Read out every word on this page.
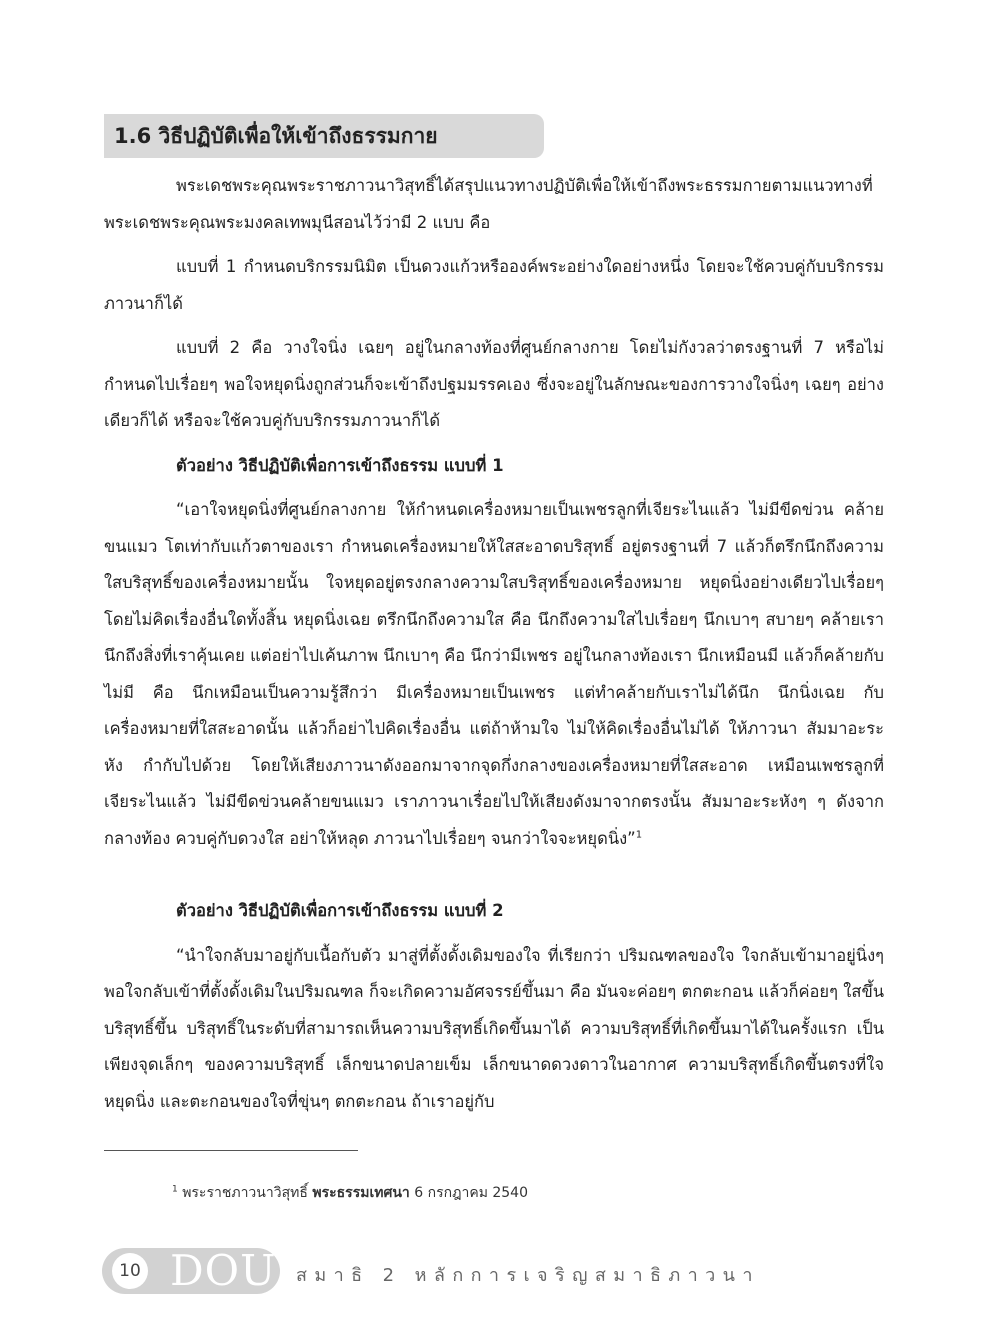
1.6 วิธีปฏิบัติเพื่อให้เข้าถึงธรรมกาย

พระเดชพระคุณพระราชภาวนาวิสุทธิ์ได้สรุปแนวทางปฏิบัติเพื่อให้เข้าถึงพระธรรมกายตามแนวทางที่พระเดชพระคุณพระมงคลเทพมุนีสอนไว้ว่ามี 2 แบบ คือ

แบบที่ 1 กำหนดบริกรรมนิมิต เป็นดวงแก้วหรือองค์พระอย่างใดอย่างหนึ่ง โดยจะใช้ควบคู่กับบริกรรมภาวนาก็ได้

แบบที่ 2 คือ วางใจนิ่ง เฉยๆ อยู่ในกลางท้องที่ศูนย์กลางกาย โดยไม่กังวลว่าตรงฐานที่ 7 หรือไม่ กำหนดไปเรื่อยๆ พอใจหยุดนิ่งถูกส่วนก็จะเข้าถึงปฐมมรรคเอง ซึ่งจะอยู่ในลักษณะของการวางใจนิ่งๆ เฉยๆ อย่างเดียวก็ได้ หรือจะใช้ควบคู่กับบริกรรมภาวนาก็ได้

ตัวอย่าง วิธีปฏิบัติเพื่อการเข้าถึงธรรม แบบที่ 1

“เอาใจหยุดนิ่งที่ศูนย์กลางกาย ให้กำหนดเครื่องหมายเป็นเพชรลูกที่เจียระไนแล้ว ไม่มีขีดข่วน คล้ายขนแมว โตเท่ากับแก้วตาของเรา กำหนดเครื่องหมายให้ใสสะอาดบริสุทธิ์ อยู่ตรงฐานที่ 7 แล้วก็ตรึกนึกถึงความใสบริสุทธิ์ของเครื่องหมายนั้น ใจหยุดอยู่ตรงกลางความใสบริสุทธิ์ของเครื่องหมาย หยุดนิ่งอย่างเดียวไปเรื่อยๆ โดยไม่คิดเรื่องอื่นใดทั้งสิ้น หยุดนิ่งเฉย ตรึกนึกถึงความใส คือ นึกถึงความใสไปเรื่อยๆ นึกเบาๆ สบายๆ คล้ายเรานึกถึงสิ่งที่เราคุ้นเคย แต่อย่าไปเค้นภาพ นึกเบาๆ คือ นึกว่ามีเพชร อยู่ในกลางท้องเรา นึกเหมือนมี แล้วก็คล้ายกับไม่มี คือ นึกเหมือนเป็นความรู้สึกว่า มีเครื่องหมายเป็นเพชร แต่ทำคล้ายกับเราไม่ได้นึก นึกนิ่งเฉย กับ เครื่องหมายที่ใสสะอาดนั้น แล้วก็อย่าไปคิดเรื่องอื่น แต่ถ้าห้ามใจ ไม่ให้คิดเรื่องอื่นไม่ได้ ให้ภาวนา สัมมาอะระหัง กำกับไปด้วย โดยให้เสียงภาวนาดังออกมาจากจุดกึ่งกลางของเครื่องหมายที่ใสสะอาด เหมือนเพชรลูกที่เจียระไนแล้ว ไม่มีขีดข่วนคล้ายขนแมว เราภาวนาเรื่อยไปให้เสียงดังมาจากตรงนั้น สัมมาอะระหังๆ ๆ ดังจากกลางท้อง ควบคู่กับดวงใส อย่าให้หลุด ภาวนาไปเรื่อยๆ จนกว่าใจจะหยุดนิ่ง”$^1$

ตัวอย่าง วิธีปฏิบัติเพื่อการเข้าถึงธรรม แบบที่ 2

“นำใจกลับมาอยู่กับเนื้อกับตัว มาสู่ที่ตั้งดั้งเดิมของใจ ที่เรียกว่า ปริมณฑลของใจ ใจกลับเข้ามาอยู่นิ่งๆ พอใจกลับเข้าที่ตั้งดั้งเดิมในปริมณฑล ก็จะเกิดความอัศจรรย์ขึ้นมา คือ มันจะค่อยๆ ตกตะกอน แล้วก็ค่อยๆ ใสขึ้น บริสุทธิ์ขึ้น บริสุทธิ์ในระดับที่สามารถเห็นความบริสุทธิ์เกิดขึ้นมาได้ ความบริสุทธิ์ที่เกิดขึ้นมาได้ในครั้งแรก เป็นเพียงจุดเล็กๆ ของความบริสุทธิ์ เล็กขนาดปลายเข็ม เล็กขนาดดวงดาวในอากาศ ความบริสุทธิ์เกิดขึ้นตรงที่ใจหยุดนิ่ง และตะกอนของใจที่ขุ่นๆ ตกตะกอน ถ้าเราอยู่กับ

$^1$ พระราชภาวนาวิสุทธิ์ พระธรรมเทศนา 6 กรกฎาคม 2540
10 DOU สมาธิ 2 หลักการเจริญสมาธิภาวนา
